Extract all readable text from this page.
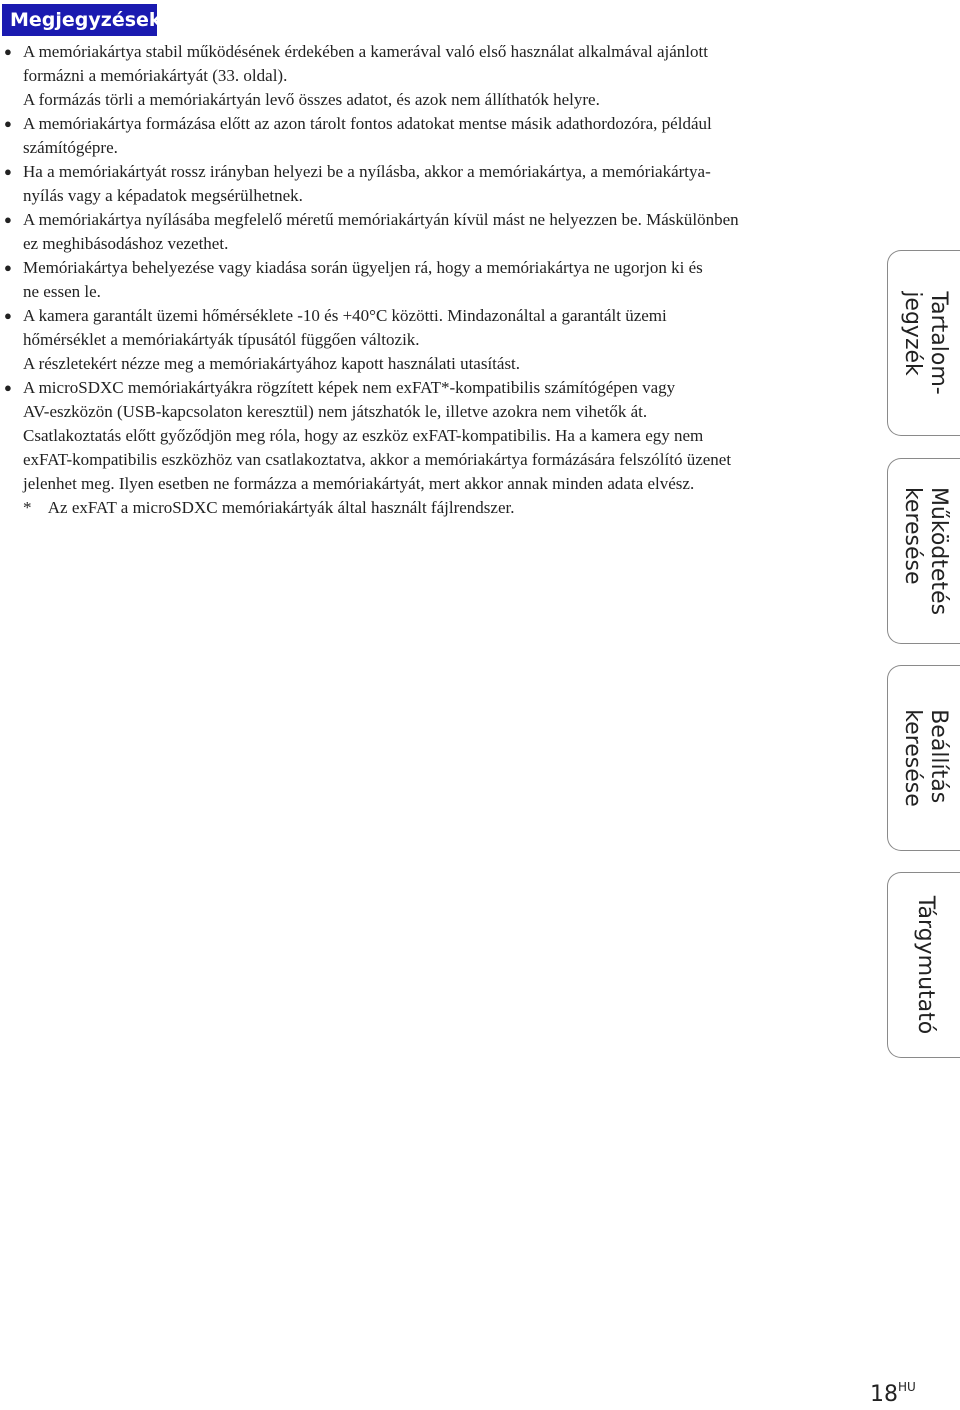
Megjegyzések
● A memóriakártya stabil működésének érdekében a kamerával való első használat alkalmával ajánlott
formázni a memóriakártyát (33. oldal).
A formázás törli a memóriakártyán levő összes adatot, és azok nem állíthatók helyre.
● A memóriakártya formázása előtt az azon tárolt fontos adatokat mentse másik adathordozóra, például
számítógépre.
● Ha a memóriakártyát rossz irányban helyezi be a nyílásba, akkor a memóriakártya, a memóriakártya-
nyílás vagy a képadatok megsérülhetnek.
● A memóriakártya nyílásába megfelelő méretű memóriakártyán kívül mást ne helyezzen be. Máskülönben
ez meghibásodáshoz vezethet.
● Memóriakártya behelyezése vagy kiadása során ügyeljen rá, hogy a memóriakártya ne ugorjon ki és
ne essen le.
● A kamera garantált üzemi hőmérséklete -10 és +40°C közötti. Mindazonáltal a garantált üzemi
hőmérséklet a memóriakártyák típusától függően változik.
A részletekért nézze meg a memóriakártyához kapott használati utasítást.
● A microSDXC memóriakártyákra rögzített képek nem exFAT*-kompatibilis számítógépen vagy
AV-eszközön (USB-kapcsolaton keresztül) nem játszhatók le, illetve azokra nem vihetők át.
Csatlakoztatás előtt győződjön meg róla, hogy az eszköz exFAT-kompatibilis. Ha a kamera egy nem
exFAT-kompatibilis eszközhöz van csatlakoztatva, akkor a memóriakártya formázására felszólító üzenet
jelenhet meg. Ilyen esetben ne formázza a memóriakártyát, mert akkor annak minden adata elvész.
* Az exFAT a microSDXC memóriakártyák által használt fájlrendszer.
Tartalom-
jegyzék
Működtetés
keresése
Beállítás
keresése
Tárgymutató
$18^{HU}$
